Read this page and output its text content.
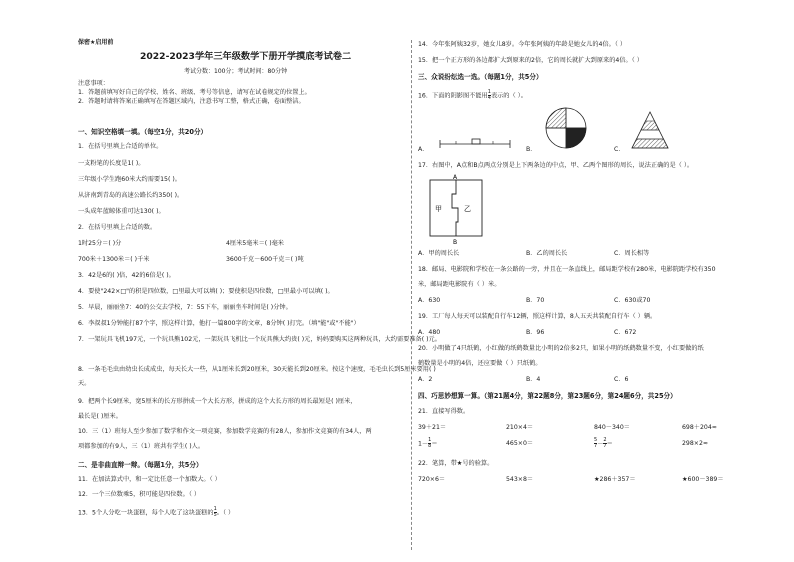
保密★启用前
2022-2023学年三年级数学下册开学摸底考试卷二
考试分数：100分；考试时间：80分钟
注意事项：
1．答题前填写好自己的学校、姓名、班级、考号等信息，请写在试卷规定的位置上。
2．答题时请将答案正确填写在答题区域内，注意书写工整，格式正确，卷面整洁。
一、知识空格填一填。（每空1分，共20分）
1．在括号里填上合适的单位。
一支粉笔的长度是1( )。
三年级小学生跑60米大约需要15( )。
从济南到青岛的高速公路长约350( )。
一头成年蓝鲸体重可达130( )。
2．在括号里填上合适的数。
1时25分＝( )分	4厘米5毫米＝( )毫米
700米＋1300米＝( )千米	3600千克－600千克＝( )吨
3．42是6的( )倍，42的6倍是( )。
4．要使"242×□"的积是四位数，□里最大可以填( )；要使积是四位数，□里最小可以填( )。
5．早晨，丽丽坐7：40的公交去学校，7：55下车，丽丽坐车时间是( )分钟。
6．李叔叔1分钟能打87个字，照这样计算，他打一篇800字的文章，8分钟( )打完。（填"能"或"不能"）
7．一架玩具飞机197元，一个玩具熊102元，一架玩具飞机比一个玩具熊大约贵( )元，妈妈要购买这两种玩具，大约需要准备( )元。
8．一条毛毛虫由幼虫长成成虫，每天长大一些，从1厘米长到20厘米，30天能长到20厘米。按这个速度，毛毛虫长到5厘米要用( )
天。
9．把两个长9厘米，宽5厘米的长方形拼成一个大长方形，拼成的这个大长方形的周长最短是( )厘米，
最长是( )厘米。
10．三（1）班每人至少参加了数学和作文一项竞赛，参加数学竞赛的有28人，参加作文竞赛的有34人，两
项都参加的有9人，三（1）班共有学生( )人。
二、是非曲直辩一辩。（每题1分，共5分）
11．在加法算式中，和一定比任意一个加数大。（ ）
12．一个三位数乘5，积可能是四位数。（ ）
13．5个人分吃一块蛋糕，每个人吃了这块蛋糕的 $\frac{1}{5}$ 。（ ）
14．今年张阿姨32岁，她女儿8岁。今年张阿姨的年龄是她女儿的4倍。（ ）
15．把一个正方形的各边都扩大到原来的2倍，它的周长就扩大到原来的4倍。（ ）
三、众说纷纭选一选。（每题1分，共5分）
16．下面的阴影图不能用 $\frac{1}{4}$ 表示的（ ）。
A．	B．	C．
17．右图中，A点和B点两点分别是上下两条边的中点，甲、乙两个图形的周长，说法正确的是（ ）。
A
B
甲	乙
A．甲的周长长	B．乙的周长长	C．周长相等
18．邮局、电影院和学校在一条公路的一旁，并且在一条直线上，邮局距学校有280米，电影院距学校有350
米，邮局距电影院有（ ）米。
A．630	B．70	C．630或70
19．工厂每人每天可以装配自行车12辆，照这样计算，8人五天共装配自行车（ ）辆。
A．480	B．96	C．672
20．小明做了4只纸鹤，小红做的纸鹤数量比小明的2倍多2只，如果小明的纸鹤数量不变，小红要做的纸
鹤数量是小明的4倍，还应要做（ ）只纸鹤。
A．2	B．4	C．6
四、巧思妙想算一算。（第21题4分，第22题8分，第23题6分，第24题6分，共25分）
21．直接写得数。
39＋21＝	210×4＝	840－340＝	698＋204≈
$1- \frac{1}{8}$ ＝	465×0＝	$\frac{5}{7} - \frac{2}{7}$ ＝	298×2≈
22．笔算，带★号的验算。
720×6＝	543×8＝	★286＋357＝	★600－389＝
